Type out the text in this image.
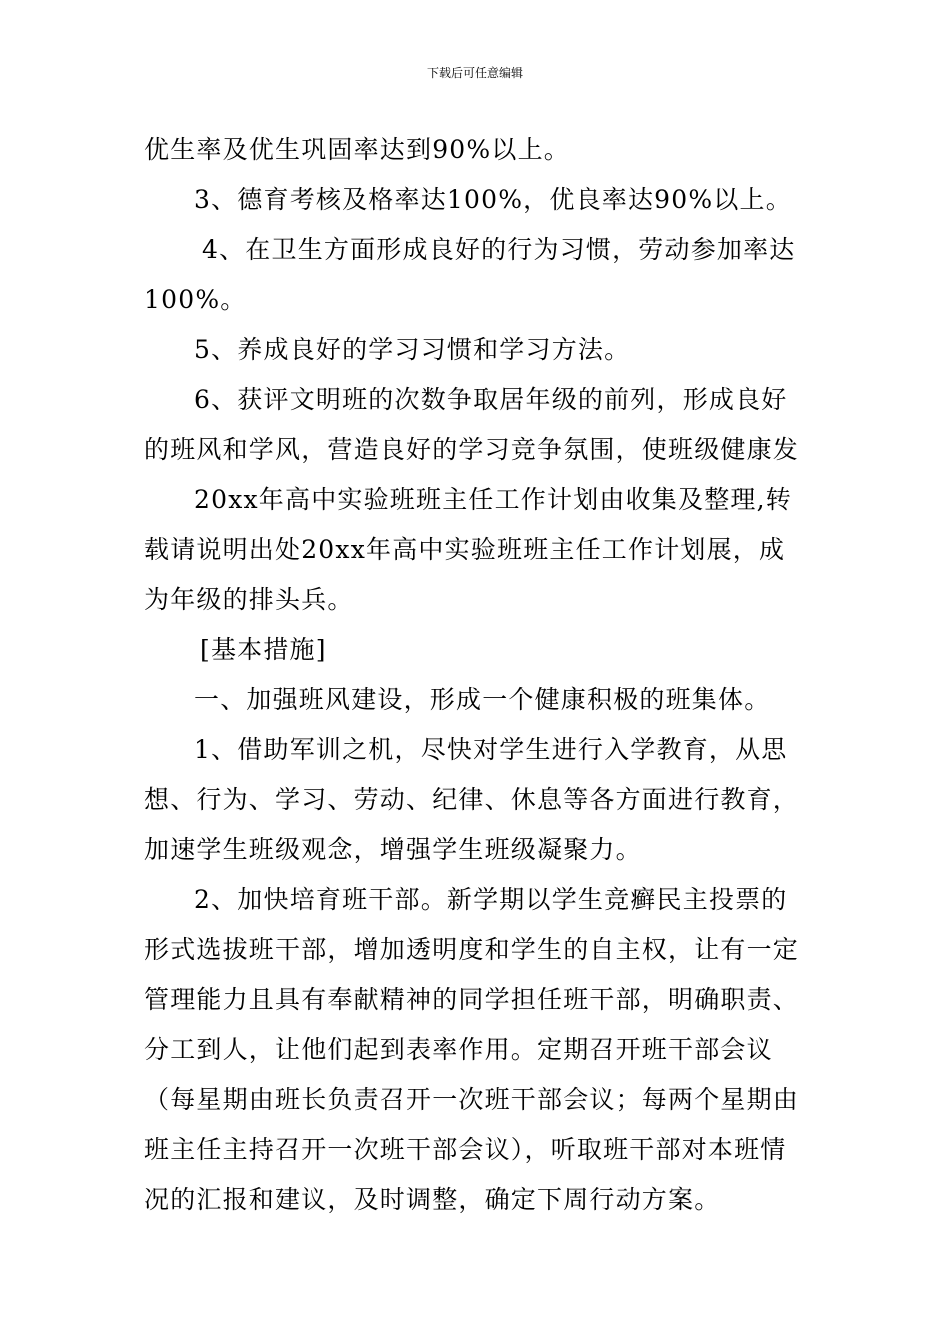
下载后可任意编辑

优生率及优生巩固率达到90%以上。

3、德育考核及格率达100%，优良率达90%以上。

4、在卫生方面形成良好的行为习惯，劳动参加率达100%。

5、养成良好的学习习惯和学习方法。

6、获评文明班的次数争取居年级的前列，形成良好的班风和学风，营造良好的学习竞争氛围，使班级健康发

20xx年高中实验班班主任工作计划由收集及整理,转载请说明出处20xx年高中实验班班主任工作计划展，成为年级的排头兵。

[基本措施]

一、加强班风建设，形成一个健康积极的班集体。

1、借助军训之机，尽快对学生进行入学教育，从思想、行为、学习、劳动、纪律、休息等各方面进行教育，加速学生班级观念，增强学生班级凝聚力。

2、加快培育班干部。新学期以学生竞癣民主投票的形式选拔班干部，增加透明度和学生的自主权，让有一定管理能力且具有奉献精神的同学担任班干部，明确职责、分工到人，让他们起到表率作用。定期召开班干部会议（每星期由班长负责召开一次班干部会议；每两个星期由班主任主持召开一次班干部会议），听取班干部对本班情况的汇报和建议，及时调整，确定下周行动方案。
